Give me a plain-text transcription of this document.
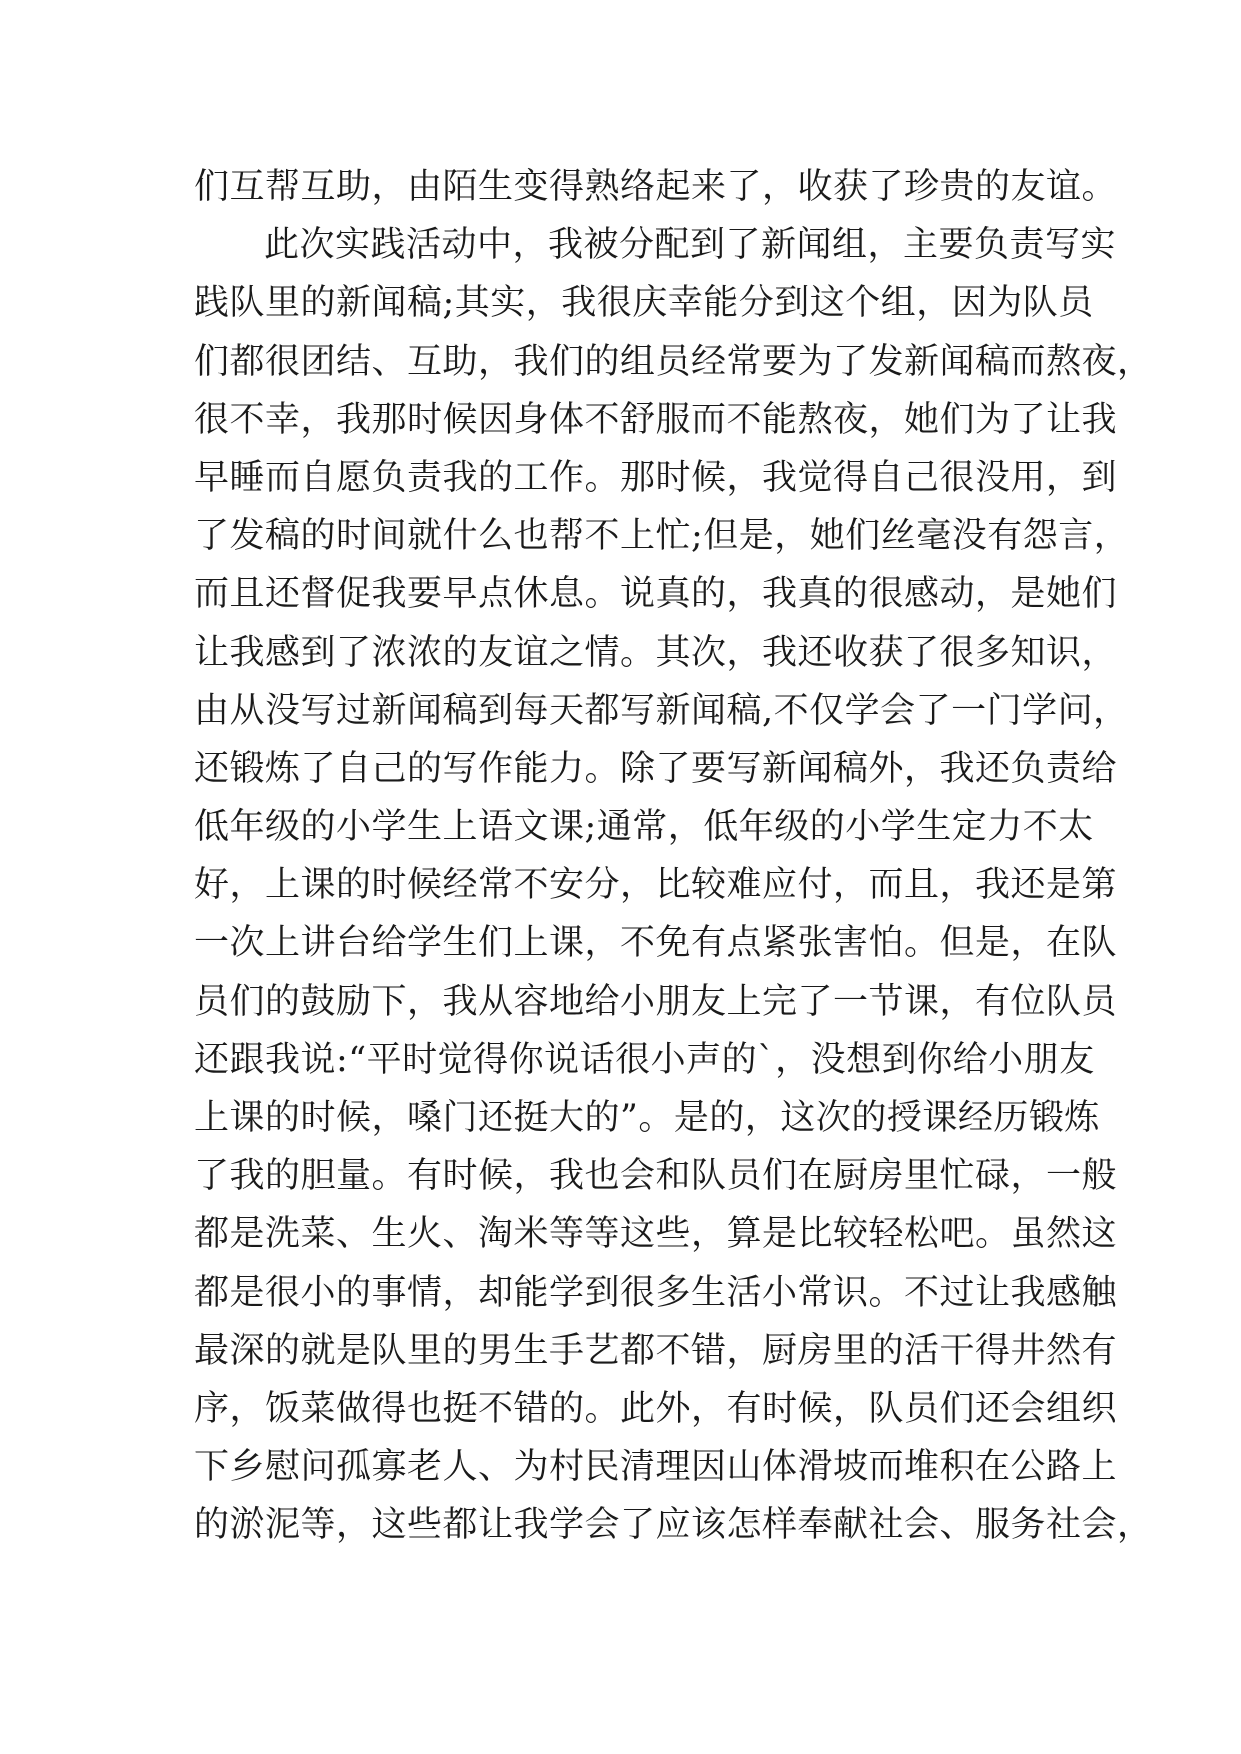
们互帮互助，由陌生变得熟络起来了，收获了珍贵的友谊。
此次实践活动中，我被分配到了新闻组，主要负责写实
践队里的新闻稿;其实，我很庆幸能分到这个组，因为队员
们都很团结、互助，我们的组员经常要为了发新闻稿而熬夜，
很不幸，我那时候因身体不舒服而不能熬夜，她们为了让我
早睡而自愿负责我的工作。那时候，我觉得自己很没用，到
了发稿的时间就什么也帮不上忙;但是，她们丝毫没有怨言，
而且还督促我要早点休息。说真的，我真的很感动，是她们
让我感到了浓浓的友谊之情。其次，我还收获了很多知识，
由从没写过新闻稿到每天都写新闻稿,不仅学会了一门学问，
还锻炼了自己的写作能力。除了要写新闻稿外，我还负责给
低年级的小学生上语文课;通常，低年级的小学生定力不太
好，上课的时候经常不安分，比较难应付，而且，我还是第
一次上讲台给学生们上课，不免有点紧张害怕。但是，在队
员们的鼓励下，我从容地给小朋友上完了一节课，有位队员
还跟我说:“平时觉得你说话很小声的`，没想到你给小朋友
上课的时候，嗓门还挺大的”。是的，这次的授课经历锻炼
了我的胆量。有时候，我也会和队员们在厨房里忙碌，一般
都是洗菜、生火、淘米等等这些，算是比较轻松吧。虽然这
都是很小的事情，却能学到很多生活小常识。不过让我感触
最深的就是队里的男生手艺都不错，厨房里的活干得井然有
序，饭菜做得也挺不错的。此外，有时候，队员们还会组织
下乡慰问孤寡老人、为村民清理因山体滑坡而堆积在公路上
的淤泥等，这些都让我学会了应该怎样奉献社会、服务社会，
